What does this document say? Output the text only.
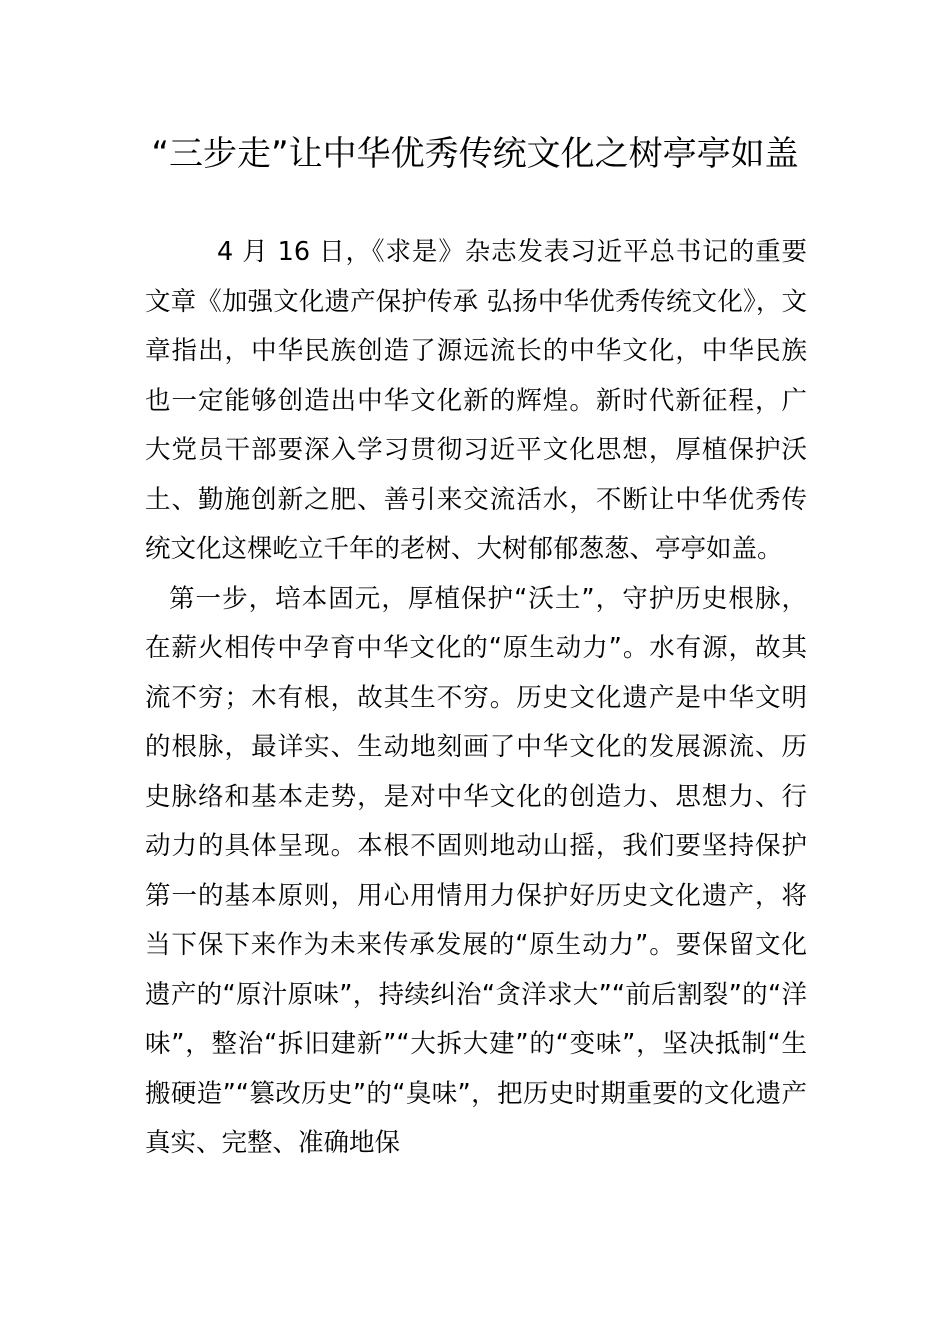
“三步走”让中华优秀传统文化之树亭亭如盖

4 月 16 日，《求是》杂志发表习近平总书记的重要文章《加强文化遗产保护传承 弘扬中华优秀传统文化》，文章指出，中华民族创造了源远流长的中华文化，中华民族也一定能够创造出中华文化新的辉煌。新时代新征程，广大党员干部要深入学习贯彻习近平文化思想，厚植保护沃土、勤施创新之肥、善引来交流活水，不断让中华优秀传统文化这棵屹立千年的老树、大树郁郁葱葱、亭亭如盖。

第一步，培本固元，厚植保护“沃土”，守护历史根脉，在薪火相传中孕育中华文化的“原生动力”。水有源，故其流不穷；木有根，故其生不穷。历史文化遗产是中华文明的根脉，最详实、生动地刻画了中华文化的发展源流、历史脉络和基本走势，是对中华文化的创造力、思想力、行动力的具体呈现。本根不固则地动山摇，我们要坚持保护第一的基本原则，用心用情用力保护好历史文化遗产，将当下保下来作为未来传承发展的“原生动力”。要保留文化遗产的“原汁原味”，持续纠治“贪洋求大”“前后割裂”的“洋味”，整治“拆旧建新”“大拆大建”的“变味”，坚决抵制“生搬硬造”“篡改历史”的“臭味”，把历史时期重要的文化遗产真实、完整、准确地保
